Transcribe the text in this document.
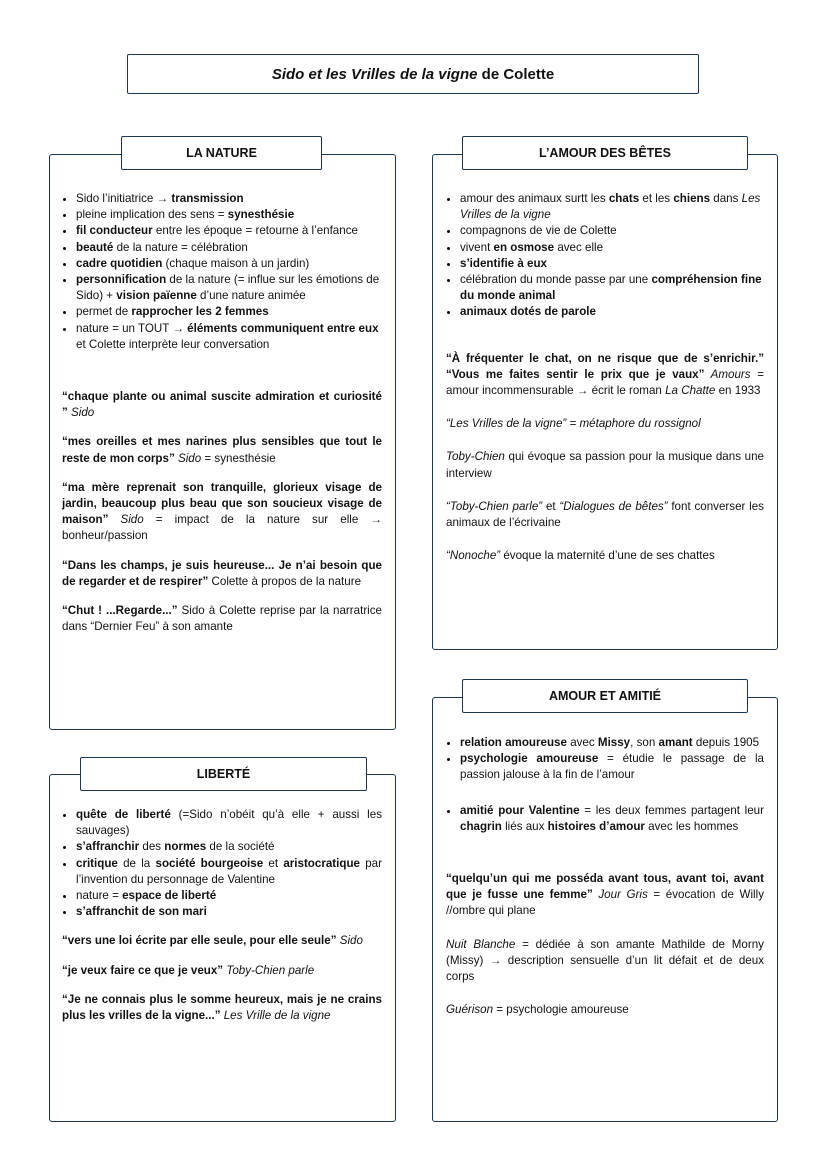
Sido et les Vrilles de la vigne de Colette
LA NATURE
• Sido l’initiatrice → transmission
• pleine implication des sens = synesthésie
• fil conducteur entre les époque = retourne à l’enfance
• beauté de la nature = célébration
• cadre quotidien (chaque maison à un jardin)
• personnification de la nature (= influe sur les émotions de Sido) + vision païenne d’une nature animée
• permet de rapprocher les 2 femmes
• nature = un TOUT → éléments communiquent entre eux et Colette interprète leur conversation

“chaque plante ou animal suscite admiration et curiosité ” Sido

“mes oreilles et mes narines plus sensibles que tout le reste de mon corps” Sido = synesthésie

“ma mère reprenait son tranquille, glorieux visage de jardin, beaucoup plus beau que son soucieux visage de maison” Sido = impact de la nature sur elle → bonheur/passion

“Dans les champs, je suis heureuse... Je n’ai besoin que de regarder et de respirer” Colette à propos de la nature

“Chut ! ...Regarde...” Sido à Colette reprise par la narratrice dans “Dernier Feu” à son amante

LIBERTÉ
• quête de liberté (=Sido n’obéit qu’à elle + aussi les sauvages)
• s’affranchir des normes de la société
• critique de la société bourgeoise et aristocratique par l’invention du personnage de Valentine
• nature = espace de liberté
• s’affranchit de son mari

“vers une loi écrite par elle seule, pour elle seule” Sido

“je veux faire ce que je veux” Toby-Chien parle

“Je ne connais plus le somme heureux, mais je ne crains plus les vrilles de la vigne...” Les Vrille de la vigne

L’AMOUR DES BÊTES
• amour des animaux surtt les chats et les chiens dans Les Vrilles de la vigne
• compagnons de vie de Colette
• vivent en osmose avec elle
• s’identifie à eux
• célébration du monde passe par une compréhension fine du monde animal
• animaux dotés de parole

“À fréquenter le chat, on ne risque que de s’enrichir.” “Vous me faites sentir le prix que je vaux” Amours = amour incommensurable → écrit le roman La Chatte en 1933

“Les Vrilles de la vigne” = métaphore du rossignol

Toby-Chien qui évoque sa passion pour la musique dans une interview

“Toby-Chien parle” et “Dialogues de bêtes” font converser les animaux de l’écrivaine

“Nonoche” évoque la maternité d’une de ses chattes

AMOUR ET AMITIÉ
• relation amoureuse avec Missy, son amant depuis 1905
• psychologie amoureuse = étudie le passage de la passion jalouse à la fin de l’amour
• amitié pour Valentine = les deux femmes partagent leur chagrin liés aux histoires d’amour avec les hommes

“quelqu’un qui me posséda avant tous, avant toi, avant que je fusse une femme” Jour Gris = évocation de Willy //ombre qui plane

Nuit Blanche = dédiée à son amante Mathilde de Morny (Missy) → description sensuelle d’un lit défait et de deux corps

Guérison = psychologie amoureuse
